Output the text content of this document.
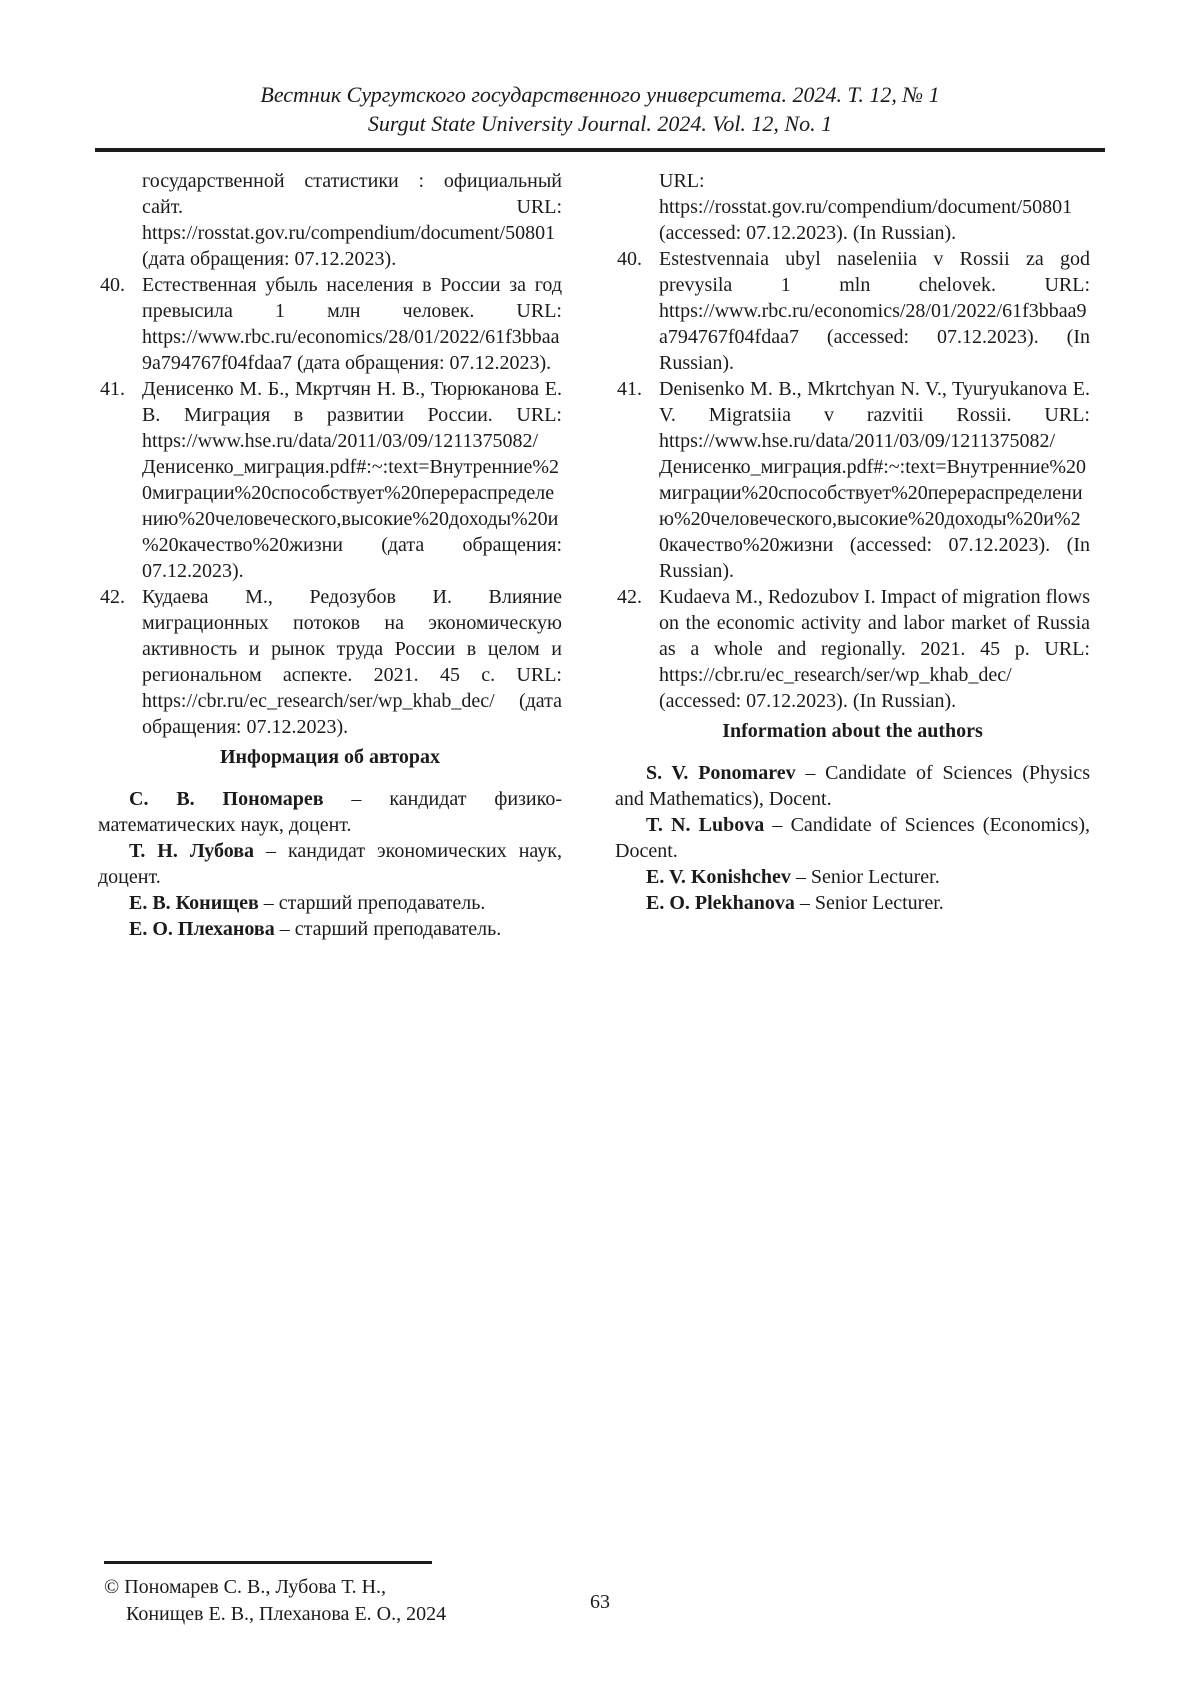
Вестник Сургутского государственного университета. 2024. Т. 12, № 1
Surgut State University Journal. 2024. Vol. 12, No. 1

государственной статистики : официальный сайт. URL: https://rosstat.gov.ru/compendium/document/50801 (дата обращения: 07.12.2023).

40. Естественная убыль населения в России за год превысила 1 млн человек. URL: https://www.rbc.ru/economics/28/01/2022/61f3bbaa9a794767f04fdaa7 (дата обращения: 07.12.2023).
41. Денисенко М. Б., Мкртчян Н. В., Тюрюканова Е. В. Миграция в развитии России. URL: https://www.hse.ru/data/2011/03/09/1211375082/Денисенко_миграция.pdf#:~:text=Внутренние%20миграции%20способствует%20перераспределению%20человеческого,высокие%20доходы%20и%20качество%20жизни (дата обращения: 07.12.2023).
42. Кудаева М., Редозубов И. Влияние миграционных потоков на экономическую активность и рынок труда России в целом и региональном аспекте. 2021. 45 с. URL: https://cbr.ru/ec_research/ser/wp_khab_dec/ (дата обращения: 07.12.2023).
Информация об авторах

С. В. Пономарев – кандидат физико-математических наук, доцент.

Т. Н. Лубова – кандидат экономических наук, доцент.

Е. В. Конищев – старший преподаватель.

Е. О. Плеханова – старший преподаватель.

URL: https://rosstat.gov.ru/compendium/document/50801 (accessed: 07.12.2023). (In Russian).

40. Estestvennaia ubyl naseleniia v Rossii za god prevysila 1 mln chelovek. URL: https://www.rbc.ru/economics/28/01/2022/61f3bbaa9a794767f04fdaa7 (accessed: 07.12.2023). (In Russian).
41. Denisenko M. B., Mkrtchyan N. V., Tyuryukanova E. V. Migratsiia v razvitii Rossii. URL: https://www.hse.ru/data/2011/03/09/1211375082/Денисенко_миграция.pdf#:~:text=Внутренние%20миграции%20способствует%20перераспределению%20человеческого,высокие%20доходы%20и%20качество%20жизни (accessed: 07.12.2023). (In Russian).
42. Kudaeva M., Redozubov I. Impact of migration flows on the economic activity and labor market of Russia as a whole and regionally. 2021. 45 p. URL: https://cbr.ru/ec_research/ser/wp_khab_dec/ (accessed: 07.12.2023). (In Russian).
Information about the authors

S. V. Ponomarev – Candidate of Sciences (Physics and Mathematics), Docent.

T. N. Lubova – Candidate of Sciences (Economics), Docent.

E. V. Konishchev – Senior Lecturer.

E. O. Plekhanova – Senior Lecturer.

© Пономарев С. В., Лубова Т. Н.,
Конищев Е. В., Плеханова Е. О., 2024
63
